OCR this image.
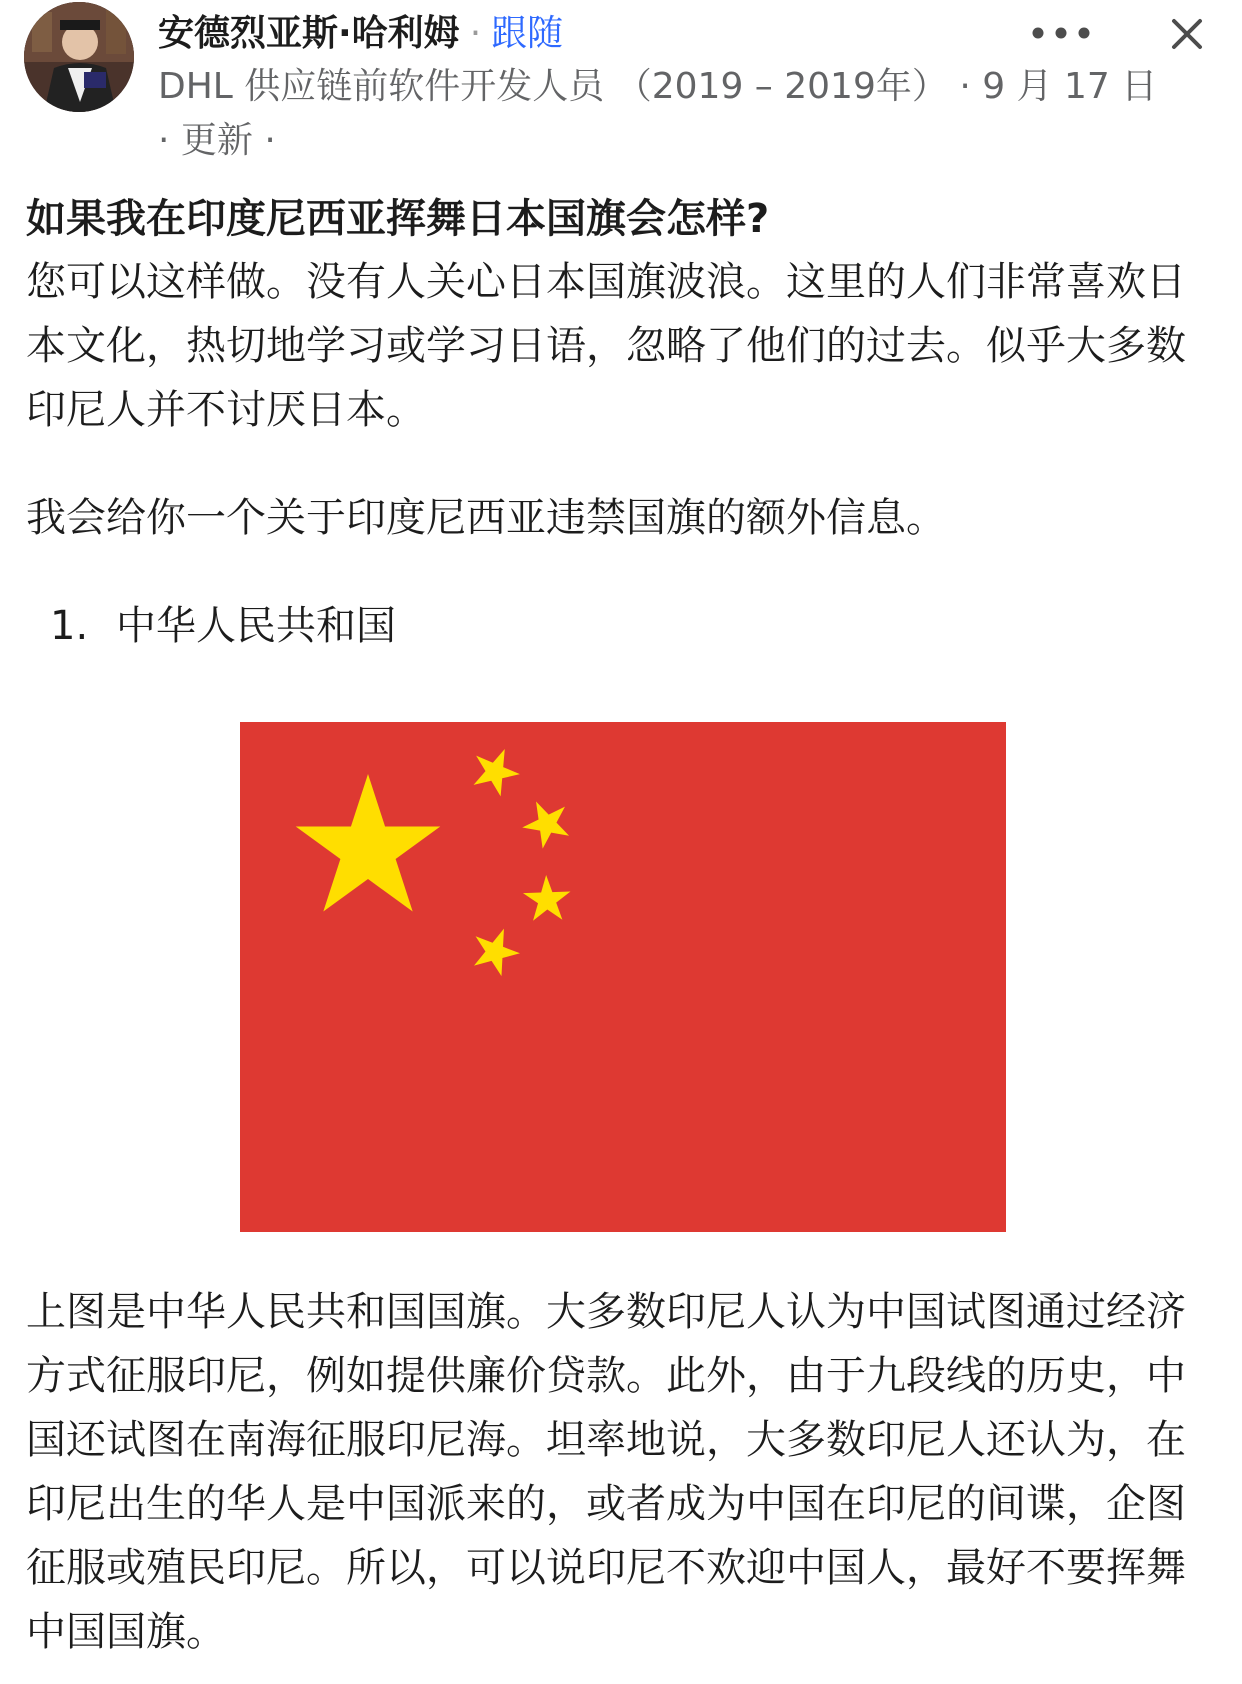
安德烈亚斯·哈利姆 · 跟随
DHL 供应链前软件开发人员 （2019 – 2019年） · 9 月 17 日
· 更新 ·
如果我在印度尼西亚挥舞日本国旗会怎样?

您可以这样做。没有人关心日本国旗波浪。这里的人们非常喜欢日本文化，热切地学习或学习日语，忽略了他们的过去。似乎大多数印尼人并不讨厌日本。

我会给你一个关于印度尼西亚违禁国旗的额外信息。

1. 中华人民共和国

上图是中华人民共和国国旗。大多数印尼人认为中国试图通过经济方式征服印尼，例如提供廉价贷款。此外，由于九段线的历史，中国还试图在南海征服印尼海。坦率地说，大多数印尼人还认为，在印尼出生的华人是中国派来的，或者成为中国在印尼的间谍，企图征服或殖民印尼。所以，可以说印尼不欢迎中国人，最好不要挥舞中国国旗。
